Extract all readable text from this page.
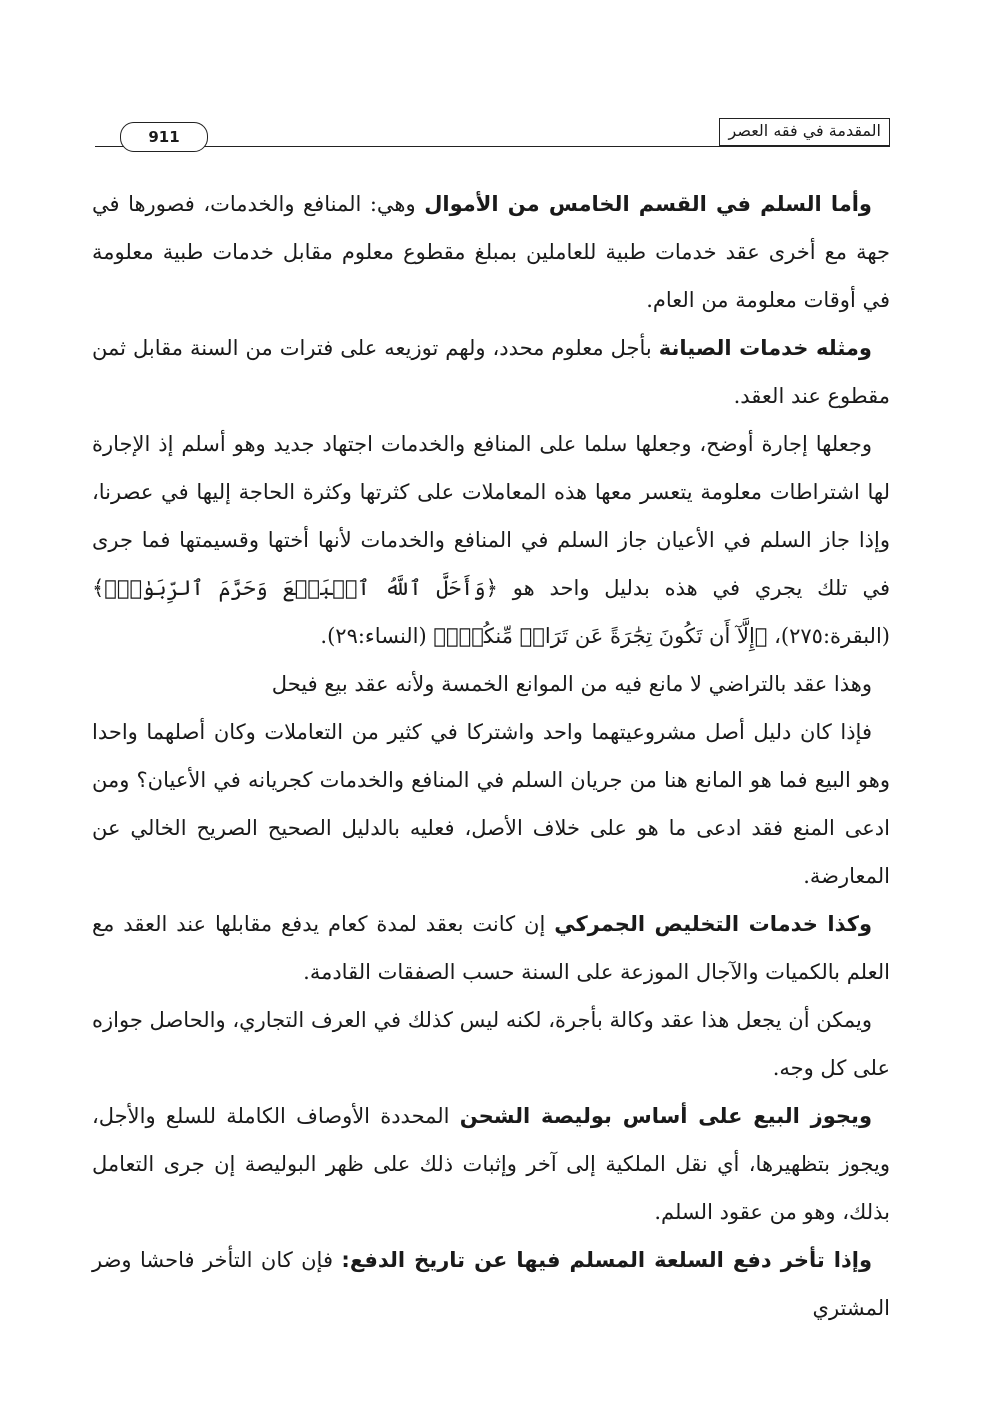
المقدمة في فقه العصر
911

وأما السلم في القسم الخامس من الأموال وهي: المنافع والخدمات، فصورها في جهة مع أخرى عقد خدمات طبية للعاملين بمبلغ مقطوع معلوم مقابل خدمات طبية معلومة في أوقات معلومة من العام.

ومثله خدمات الصيانة بأجل معلوم محدد، ولهم توزيعه على فترات من السنة مقابل ثمن مقطوع عند العقد.

وجعلها إجارة أوضح، وجعلها سلما على المنافع والخدمات اجتهاد جديد وهو أسلم إذ الإجارة لها اشتراطات معلومة يتعسر معها هذه المعاملات على كثرتها وكثرة الحاجة إليها في عصرنا، وإذا جاز السلم في الأعيان جاز السلم في المنافع والخدمات لأنها أختها وقسيمتها فما جرى في تلك يجري في هذه بدليل واحد هو ﴿وَأَحَلَّ ٱللَّهُ ٱلۡبَيۡعَ وَحَرَّمَ ٱلرِّبَوٰاْۚ﴾ (البقرة:٢٧٥)، ﴿إِلَّآ أَن تَكُونَ تِجَٰرَةً عَن تَرَاضٖ مِّنكُمۡۚ﴾ (النساء:٢٩).

وهذا عقد بالتراضي لا مانع فيه من الموانع الخمسة ولأنه عقد بيع فيحل

فإذا كان دليل أصل مشروعيتهما واحد واشتركا في كثير من التعاملات وكان أصلهما واحدا وهو البيع فما هو المانع هنا من جريان السلم في المنافع والخدمات كجريانه في الأعيان؟ ومن ادعى المنع فقد ادعى ما هو على خلاف الأصل، فعليه بالدليل الصحيح الصريح الخالي عن المعارضة.

وكذا خدمات التخليص الجمركي إن كانت بعقد لمدة كعام يدفع مقابلها عند العقد مع العلم بالكميات والآجال الموزعة على السنة حسب الصفقات القادمة.

ويمكن أن يجعل هذا عقد وكالة بأجرة، لكنه ليس كذلك في العرف التجاري، والحاصل جوازه على كل وجه.

ويجوز البيع على أساس بوليصة الشحن المحددة الأوصاف الكاملة للسلع والأجل، ويجوز بتظهيرها، أي نقل الملكية إلى آخر وإثبات ذلك على ظهر البوليصة إن جرى التعامل بذلك، وهو من عقود السلم.

وإذا تأخر دفع السلعة المسلم فيها عن تاريخ الدفع: فإن كان التأخر فاحشا وضر المشتري
